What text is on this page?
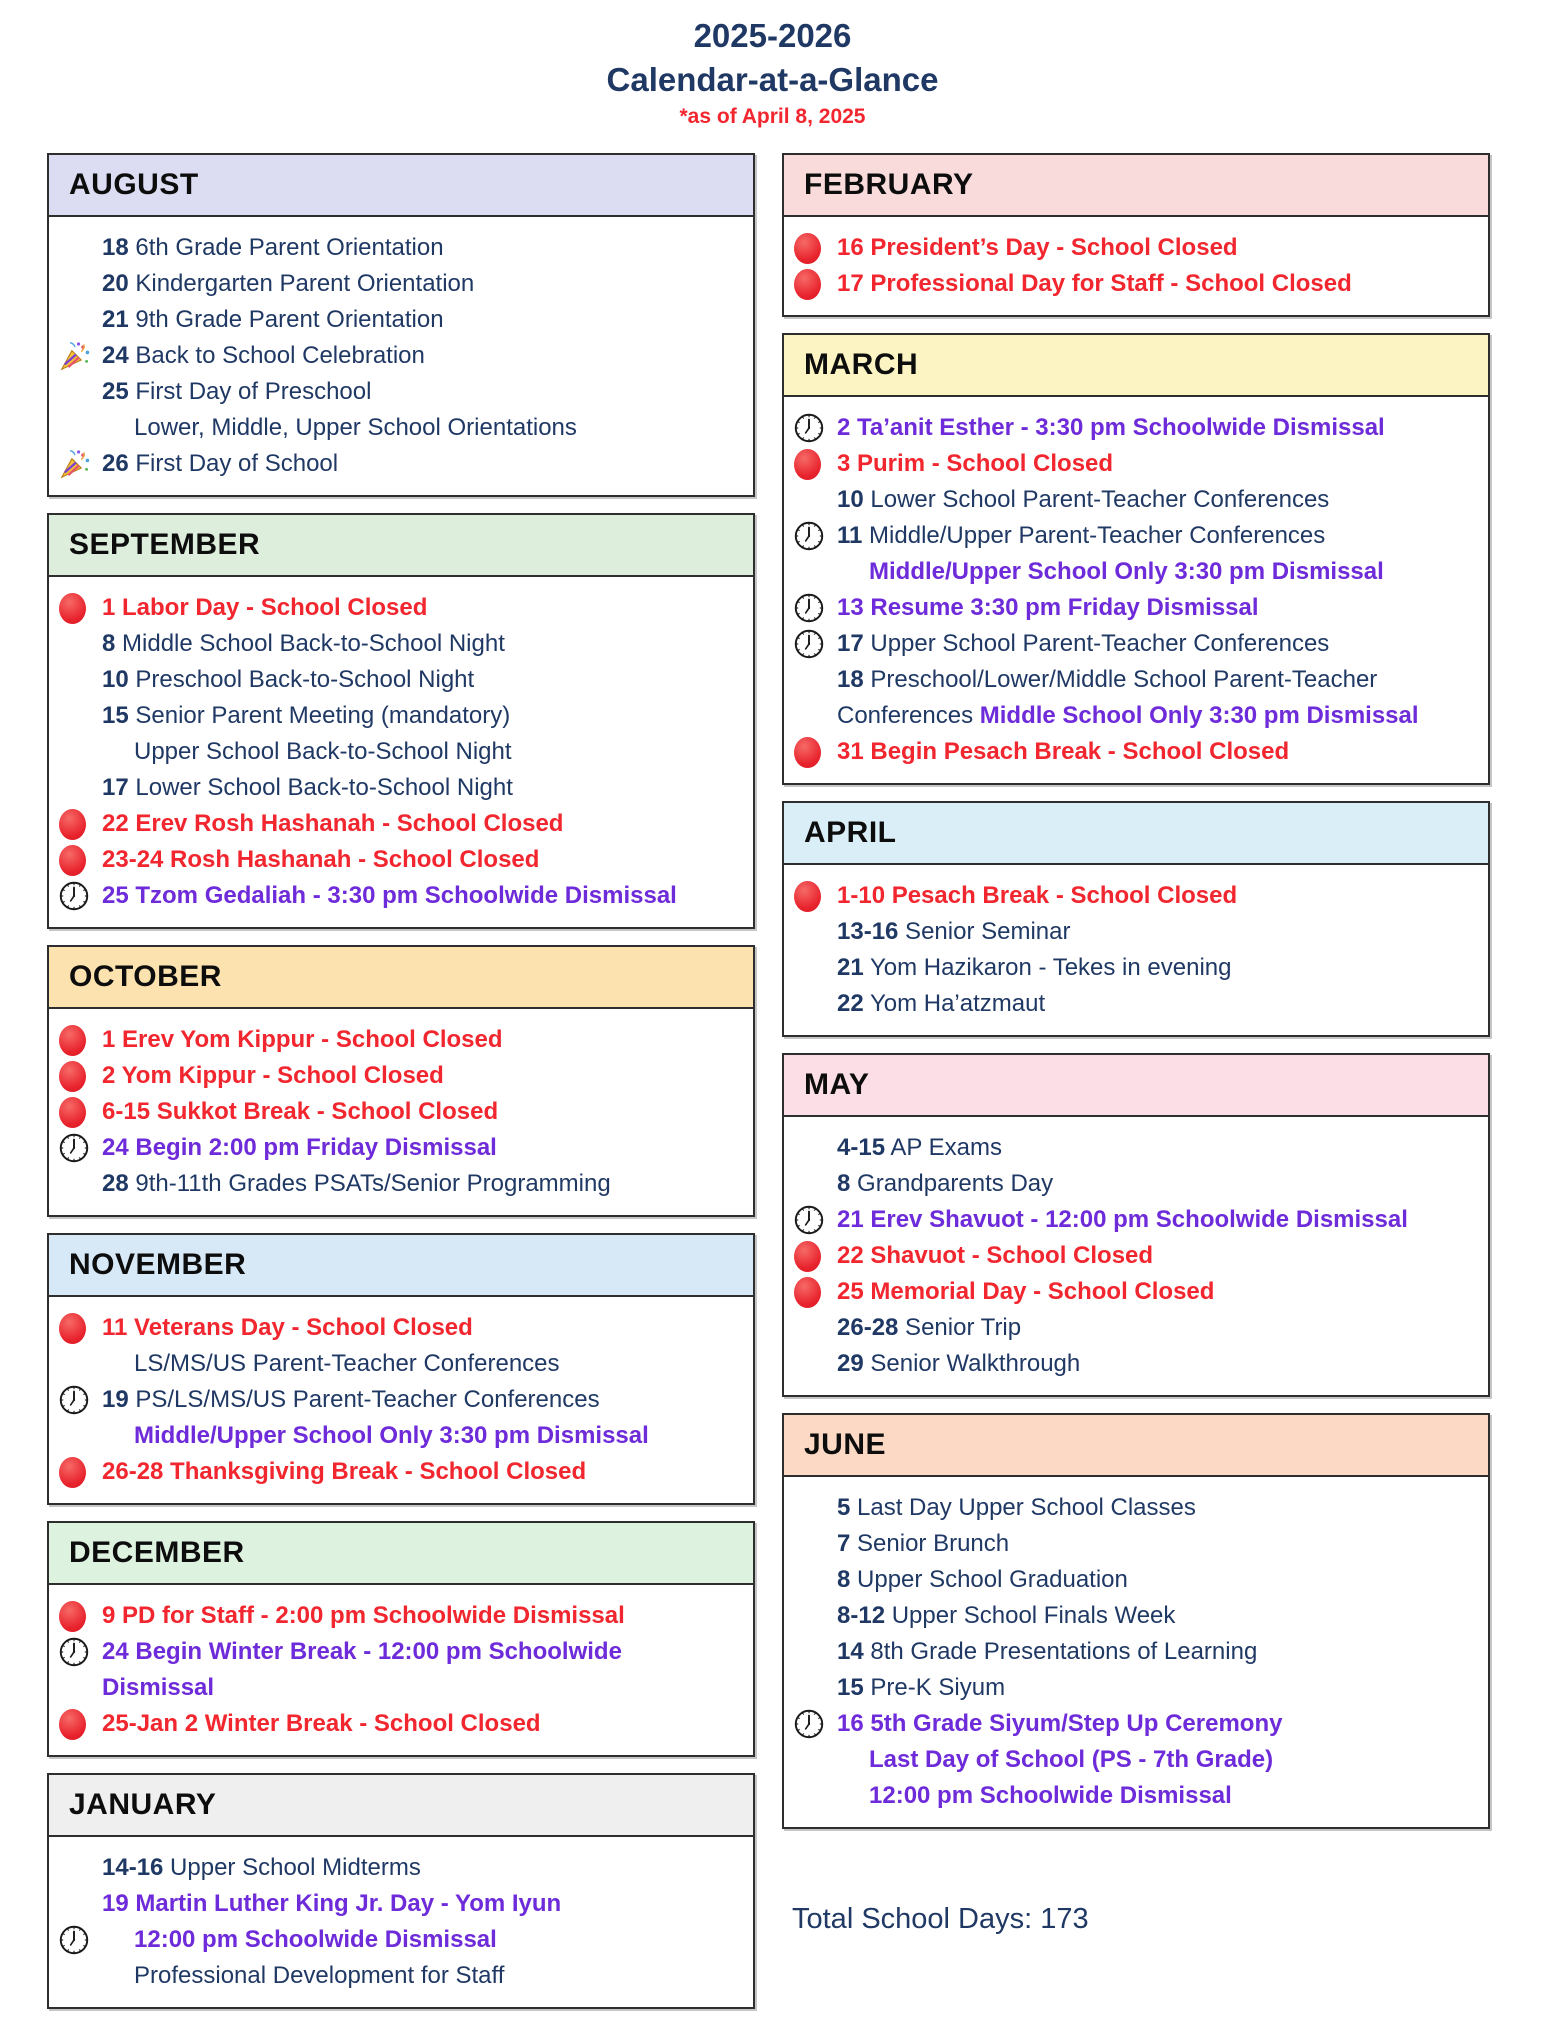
2025-2026
Calendar-at-a-Glance
*as of April 8, 2025
AUGUST
18 6th Grade Parent Orientation
20 Kindergarten Parent Orientation
21 9th Grade Parent Orientation
24 Back to School Celebration
25 First Day of Preschool
Lower, Middle, Upper School Orientations
26 First Day of School
SEPTEMBER
1 Labor Day - School Closed
8 Middle School Back-to-School Night
10 Preschool Back-to-School Night
15 Senior Parent Meeting (mandatory)
Upper School Back-to-School Night
17 Lower School Back-to-School Night
22 Erev Rosh Hashanah - School Closed
23-24 Rosh Hashanah - School Closed
25 Tzom Gedaliah - 3:30 pm Schoolwide Dismissal
OCTOBER
1 Erev Yom Kippur - School Closed
2 Yom Kippur - School Closed
6-15 Sukkot Break - School Closed
24 Begin 2:00 pm Friday Dismissal
28 9th-11th Grades PSATs/Senior Programming
NOVEMBER
11 Veterans Day - School Closed
LS/MS/US Parent-Teacher Conferences
19 PS/LS/MS/US Parent-Teacher Conferences
Middle/Upper School Only 3:30 pm Dismissal
26-28 Thanksgiving Break - School Closed
DECEMBER
9 PD for Staff - 2:00 pm Schoolwide Dismissal
24 Begin Winter Break - 12:00 pm Schoolwide
Dismissal
25-Jan 2 Winter Break - School Closed
JANUARY
14-16 Upper School Midterms
19 Martin Luther King Jr. Day - Yom Iyun
12:00 pm Schoolwide Dismissal
Professional Development for Staff
FEBRUARY
16 President’s Day - School Closed
17 Professional Day for Staff - School Closed
MARCH
2 Ta’anit Esther - 3:30 pm Schoolwide Dismissal
3 Purim - School Closed
10 Lower School Parent-Teacher Conferences
11 Middle/Upper Parent-Teacher Conferences
Middle/Upper School Only 3:30 pm Dismissal
13 Resume 3:30 pm Friday Dismissal
17 Upper School Parent-Teacher Conferences
18 Preschool/Lower/Middle School Parent-Teacher
Conferences Middle School Only 3:30 pm Dismissal
31 Begin Pesach Break - School Closed
APRIL
1-10 Pesach Break - School Closed
13-16 Senior Seminar
21 Yom Hazikaron - Tekes in evening
22 Yom Ha’atzmaut
MAY
4-15 AP Exams
8 Grandparents Day
21 Erev Shavuot - 12:00 pm Schoolwide Dismissal
22 Shavuot - School Closed
25 Memorial Day - School Closed
26-28 Senior Trip
29 Senior Walkthrough
JUNE
5 Last Day Upper School Classes
7 Senior Brunch
8 Upper School Graduation
8-12 Upper School Finals Week
14 8th Grade Presentations of Learning
15 Pre-K Siyum
16 5th Grade Siyum/Step Up Ceremony
Last Day of School (PS - 7th Grade)
12:00 pm Schoolwide Dismissal
Total School Days: 173
